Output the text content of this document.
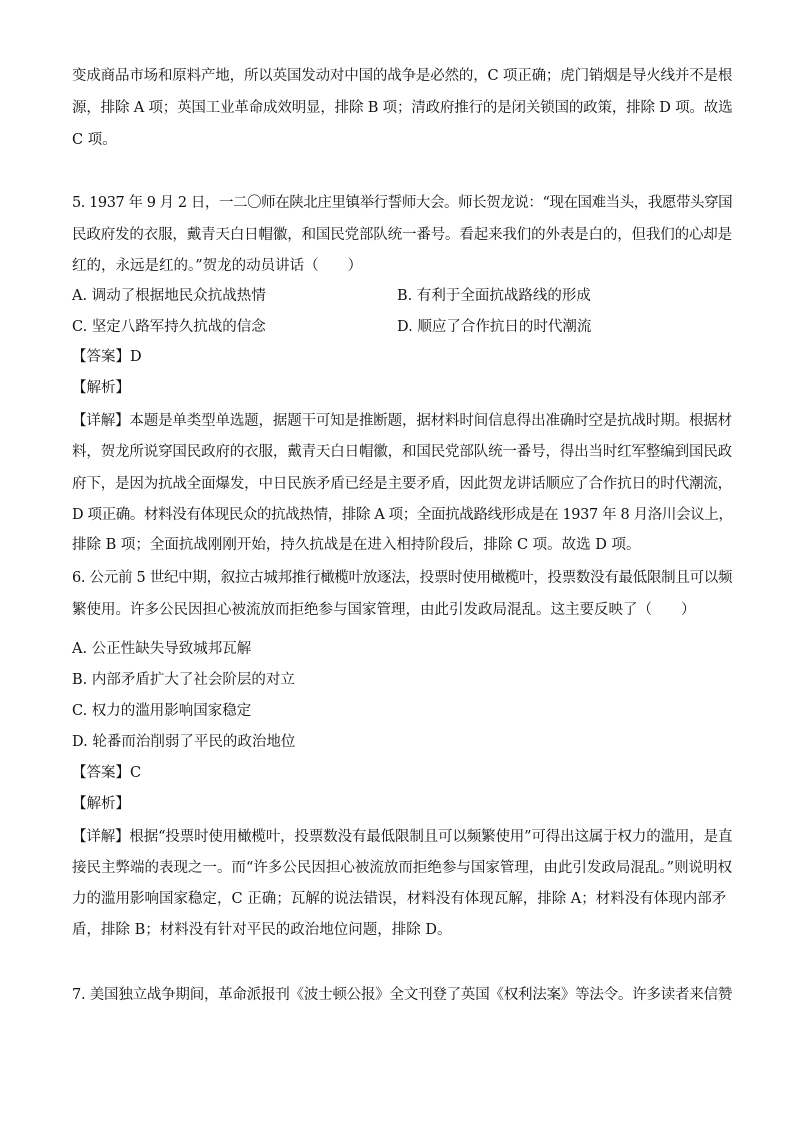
变成商品市场和原料产地，所以英国发动对中国的战争是必然的，C 项正确；虎门销烟是导火线并不是根
源，排除 A 项；英国工业革命成效明显，排除 B 项；清政府推行的是闭关锁国的政策，排除 D 项。故选
C 项。
5. 1937 年 9 月 2 日，一二〇师在陕北庄里镇举行誓师大会。师长贺龙说：“现在国难当头，我愿带头穿国
民政府发的衣服，戴青天白日帽徽，和国民党部队统一番号。看起来我们的外表是白的，但我们的心却是
红的，永远是红的。”贺龙的动员讲话（　　）
A. 调动了根据地民众抗战热情	B. 有利于全面抗战路线的形成
C. 坚定八路军持久抗战的信念	D. 顺应了合作抗日的时代潮流
【答案】D
【解析】
【详解】本题是单类型单选题，据题干可知是推断题，据材料时间信息得出准确时空是抗战时期。根据材
料，贺龙所说穿国民政府的衣服，戴青天白日帽徽，和国民党部队统一番号，得出当时红军整编到国民政
府下，是因为抗战全面爆发，中日民族矛盾已经是主要矛盾，因此贺龙讲话顺应了合作抗日的时代潮流，
D 项正确。材料没有体现民众的抗战热情，排除 A 项；全面抗战路线形成是在 1937 年 8 月洛川会议上，
排除 B 项；全面抗战刚刚开始，持久抗战是在进入相持阶段后，排除 C 项。故选 D 项。
6. 公元前 5 世纪中期，叙拉古城邦推行橄榄叶放逐法，投票时使用橄榄叶，投票数没有最低限制且可以频
繁使用。许多公民因担心被流放而拒绝参与国家管理，由此引发政局混乱。这主要反映了（　　）
A. 公正性缺失导致城邦瓦解
B. 内部矛盾扩大了社会阶层的对立
C. 权力的滥用影响国家稳定
D. 轮番而治削弱了平民的政治地位
【答案】C
【解析】
【详解】根据“投票时使用橄榄叶，投票数没有最低限制且可以频繁使用”可得出这属于权力的滥用，是直
接民主弊端的表现之一。而“许多公民因担心被流放而拒绝参与国家管理，由此引发政局混乱。”则说明权
力的滥用影响国家稳定，C 正确；瓦解的说法错误，材料没有体现瓦解，排除 A；材料没有体现内部矛
盾，排除 B；材料没有针对平民的政治地位问题，排除 D。
7. 美国独立战争期间，革命派报刊《波士顿公报》全文刊登了英国《权利法案》等法令。许多读者来信赞
